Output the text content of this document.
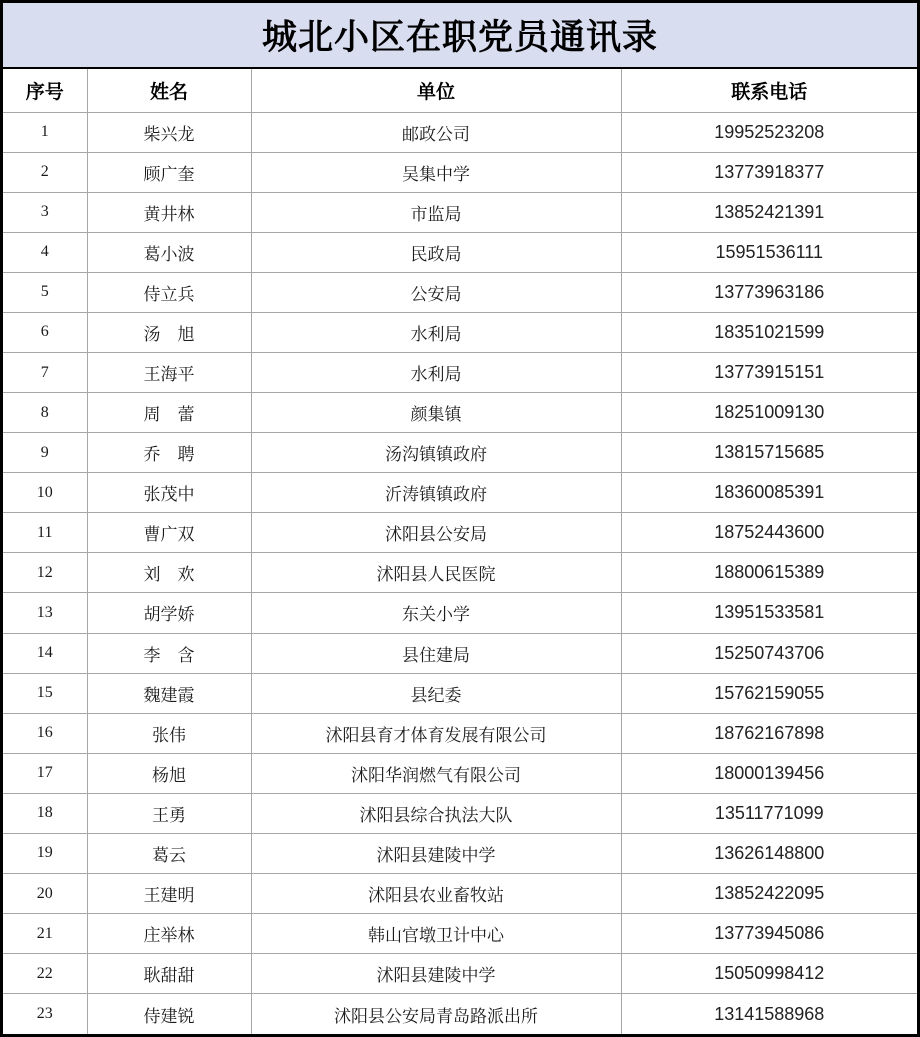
城北小区在职党员通讯录
序号	姓名	单位	联系电话
1	柴兴龙	邮政公司	19952523208
2	顾广奎	吴集中学	13773918377
3	黄井林	市监局	13852421391
4	葛小波	民政局	15951536111
5	侍立兵	公安局	13773963186
6	汤　旭	水利局	18351021599
7	王海平	水利局	13773915151
8	周　蕾	颜集镇	18251009130
9	乔　聘	汤沟镇镇政府	13815715685
10	张茂中	沂涛镇镇政府	18360085391
11	曹广双	沭阳县公安局	18752443600
12	刘　欢	沭阳县人民医院	18800615389
13	胡学娇	东关小学	13951533581
14	李　含	县住建局	15250743706
15	魏建霞	县纪委	15762159055
16	张伟	沭阳县育才体育发展有限公司	18762167898
17	杨旭	沭阳华润燃气有限公司	18000139456
18	王勇	沭阳县综合执法大队	13511771099
19	葛云	沭阳县建陵中学	13626148800
20	王建明	沭阳县农业畜牧站	13852422095
21	庄举林	韩山官墩卫计中心	13773945086
22	耿甜甜	沭阳县建陵中学	15050998412
23	侍建锐	沭阳县公安局青岛路派出所	13141588968
